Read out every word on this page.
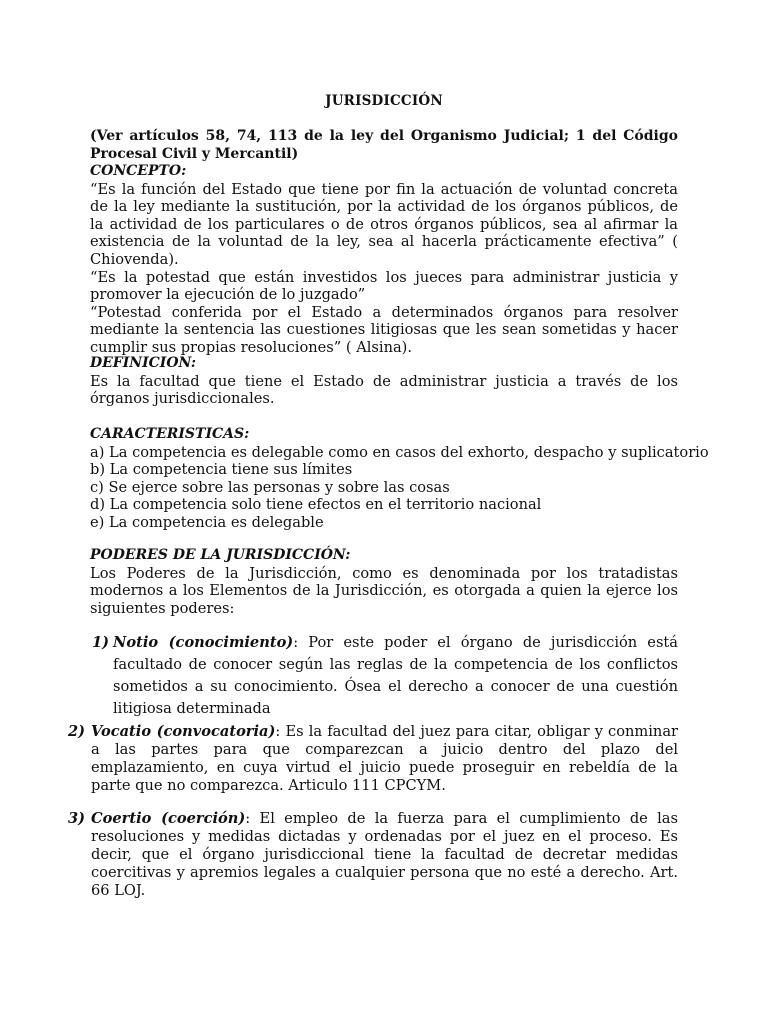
JURISDICCIÓN
(Ver artículos 58, 74, 113 de la ley del Organismo Judicial; 1 del Código Procesal Civil y Mercantil)
CONCEPTO:

“Es la función del Estado que tiene por fin la actuación de voluntad concreta de la ley mediante la sustitución, por la actividad de los órganos públicos, de la actividad de los particulares o de otros órganos públicos, sea al afirmar la existencia de la voluntad de la ley, sea al hacerla prácticamente efectiva” ( Chiovenda).

“Es la potestad que están investidos los jueces para administrar justicia y promover la ejecución de lo juzgado”

“Potestad conferida por el Estado a determinados órganos para resolver mediante la sentencia las cuestiones litigiosas que les sean sometidas y hacer cumplir sus propias resoluciones” ( Alsina).

DEFINICION:

Es la facultad que tiene el Estado de administrar justicia a través de los órganos jurisdiccionales.

CARACTERISTICAS:

a) La competencia es delegable como en casos del exhorto, despacho y suplicatorio

b) La competencia tiene sus límites

c) Se ejerce sobre las personas y sobre las cosas

d) La competencia solo tiene efectos en el territorio nacional

e) La competencia es delegable

PODERES DE LA JURISDICCIÓN:

Los Poderes de la Jurisdicción, como es denominada por los tratadistas modernos a los Elementos de la Jurisdicción, es otorgada a quien la ejerce los siguientes poderes:

1) Notio (conocimiento): Por este poder el órgano de jurisdicción está facultado de conocer según las reglas de la competencia de los conflictos sometidos a su conocimiento. Ósea el derecho a conocer de una cuestión litigiosa determinada
2) Vocatio (convocatoria): Es la facultad del juez para citar, obligar y conminar a las partes para que comparezcan a juicio dentro del plazo del emplazamiento, en cuya virtud el juicio puede proseguir en rebeldía de la parte que no comparezca. Articulo 111 CPCYM.
3) Coertio (coerción): El empleo de la fuerza para el cumplimiento de las resoluciones y medidas dictadas y ordenadas por el juez en el proceso. Es decir, que el órgano jurisdiccional tiene la facultad de decretar medidas coercitivas y apremios legales a cualquier persona que no esté a derecho. Art. 66 LOJ.
